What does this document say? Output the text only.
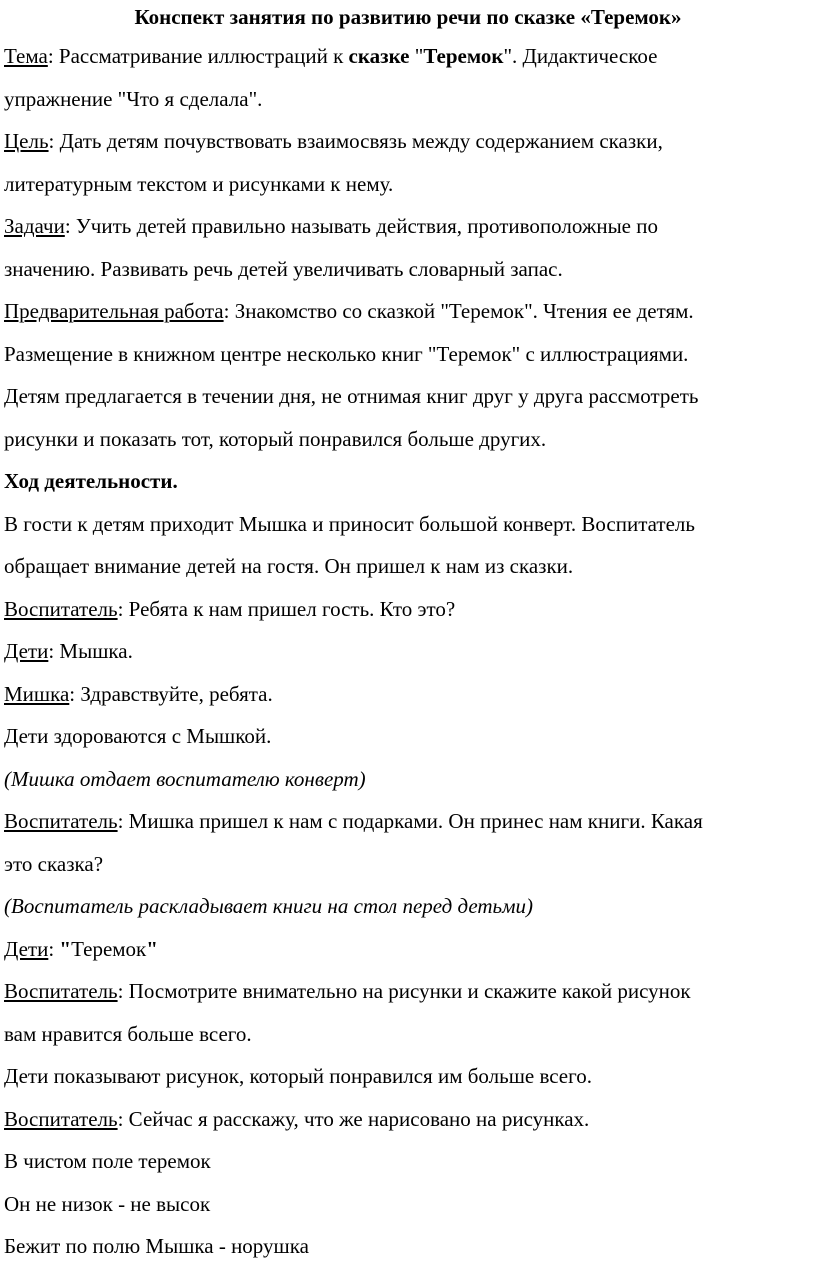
Конспект занятия по развитию речи по сказке «Теремок»
Тема: Рассматривание иллюстраций к сказке "Теремок". Дидактическое
упражнение "Что я сделала".
Цель: Дать детям почувствовать взаимосвязь между содержанием сказки,
литературным текстом и рисунками к нему.
Задачи: Учить детей правильно называть действия, противоположные по
значению. Развивать речь детей увеличивать словарный запас.
Предварительная работа: Знакомство со сказкой "Теремок". Чтения ее детям.
Размещение в книжном центре несколько книг "Теремок" с иллюстрациями.
Детям предлагается в течении дня, не отнимая книг друг у друга рассмотреть
рисунки и показать тот, который понравился больше других.
Ход деятельности.
В гости к детям приходит Мышка и приносит большой конверт. Воспитатель
обращает внимание детей на гостя. Он пришел к нам из сказки.
Воспитатель: Ребята к нам пришел гость. Кто это?
Дети: Мышка.
Мишка: Здравствуйте, ребята.
Дети здороваются с Мышкой.
(Мишка отдает воспитателю конверт)
Воспитатель: Мишка пришел к нам с подарками. Он принес нам книги. Какая
это сказка?
(Воспитатель раскладывает книги на стол перед детьми)
Дети: "Теремок"
Воспитатель: Посмотрите внимательно на рисунки и скажите какой рисунок
вам нравится больше всего.
Дети показывают рисунок, который понравился им больше всего.
Воспитатель: Сейчас я расскажу, что же нарисовано на рисунках.
В чистом поле теремок
Он не низок - не высок
Бежит по полю Мышка - норушка
